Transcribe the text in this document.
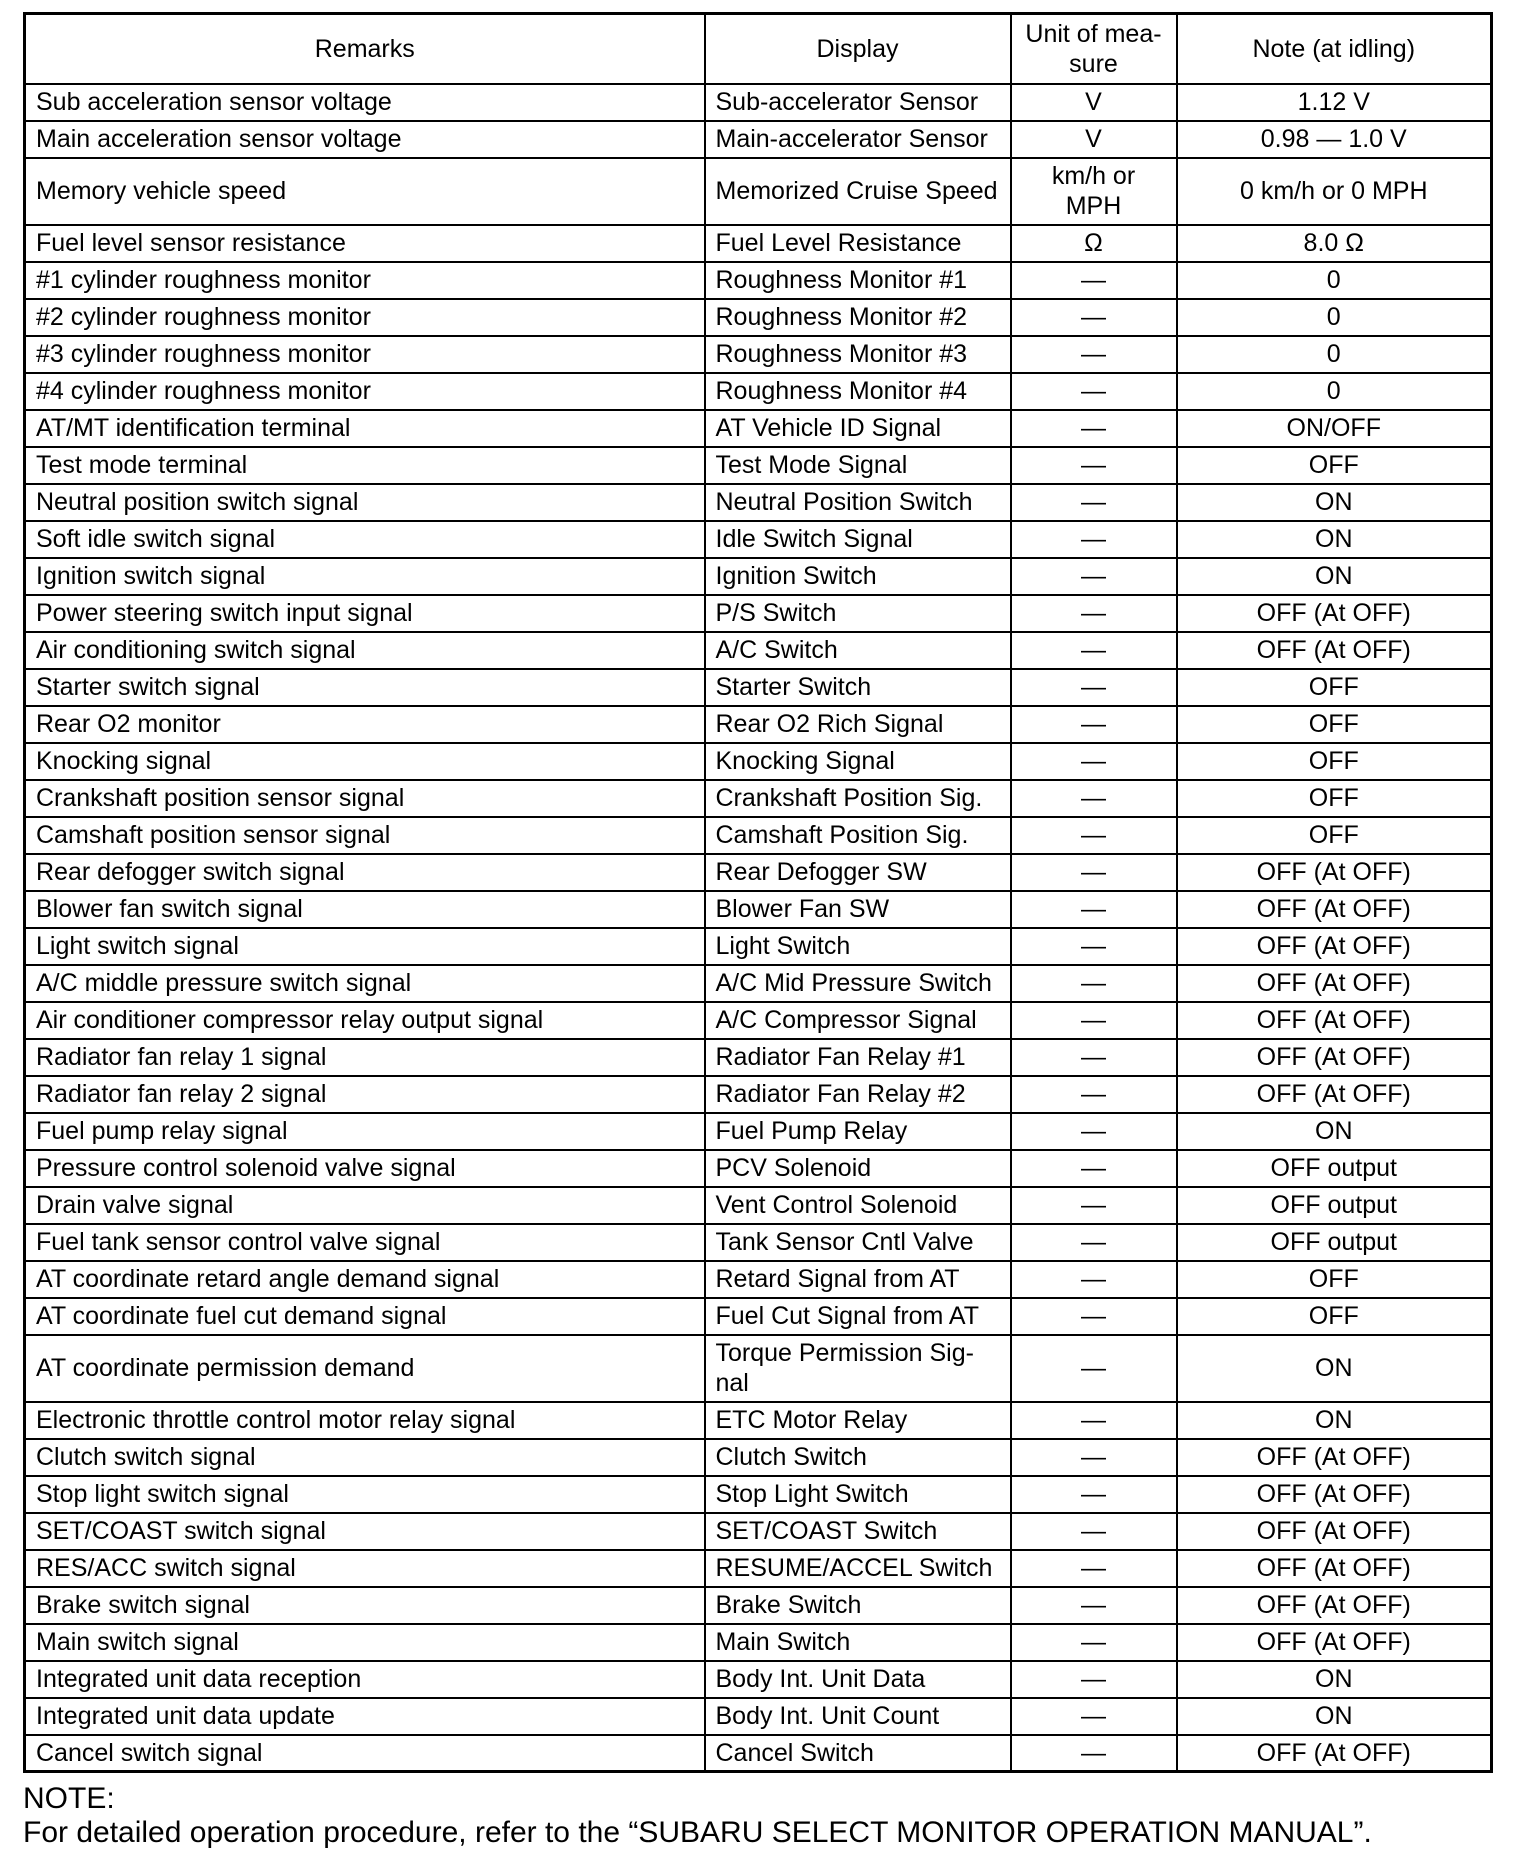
Remarks	Display	Unit of mea-sure	Note (at idling)
Sub acceleration sensor voltage	Sub-accelerator Sensor	V	1.12 V
Main acceleration sensor voltage	Main-accelerator Sensor	V	0.98 — 1.0 V
Memory vehicle speed	Memorized Cruise Speed	km/h or MPH	0 km/h or 0 MPH
Fuel level sensor resistance	Fuel Level Resistance	Ω	8.0 Ω
#1 cylinder roughness monitor	Roughness Monitor #1	—	0
#2 cylinder roughness monitor	Roughness Monitor #2	—	0
#3 cylinder roughness monitor	Roughness Monitor #3	—	0
#4 cylinder roughness monitor	Roughness Monitor #4	—	0
AT/MT identification terminal	AT Vehicle ID Signal	—	ON/OFF
Test mode terminal	Test Mode Signal	—	OFF
Neutral position switch signal	Neutral Position Switch	—	ON
Soft idle switch signal	Idle Switch Signal	—	ON
Ignition switch signal	Ignition Switch	—	ON
Power steering switch input signal	P/S Switch	—	OFF (At OFF)
Air conditioning switch signal	A/C Switch	—	OFF (At OFF)
Starter switch signal	Starter Switch	—	OFF
Rear O2 monitor	Rear O2 Rich Signal	—	OFF
Knocking signal	Knocking Signal	—	OFF
Crankshaft position sensor signal	Crankshaft Position Sig.	—	OFF
Camshaft position sensor signal	Camshaft Position Sig.	—	OFF
Rear defogger switch signal	Rear Defogger SW	—	OFF (At OFF)
Blower fan switch signal	Blower Fan SW	—	OFF (At OFF)
Light switch signal	Light Switch	—	OFF (At OFF)
A/C middle pressure switch signal	A/C Mid Pressure Switch	—	OFF (At OFF)
Air conditioner compressor relay output signal	A/C Compressor Signal	—	OFF (At OFF)
Radiator fan relay 1 signal	Radiator Fan Relay #1	—	OFF (At OFF)
Radiator fan relay 2 signal	Radiator Fan Relay #2	—	OFF (At OFF)
Fuel pump relay signal	Fuel Pump Relay	—	ON
Pressure control solenoid valve signal	PCV Solenoid	—	OFF output
Drain valve signal	Vent Control Solenoid	—	OFF output
Fuel tank sensor control valve signal	Tank Sensor Cntl Valve	—	OFF output
AT coordinate retard angle demand signal	Retard Signal from AT	—	OFF
AT coordinate fuel cut demand signal	Fuel Cut Signal from AT	—	OFF
AT coordinate permission demand	Torque Permission Sig-nal	—	ON
Electronic throttle control motor relay signal	ETC Motor Relay	—	ON
Clutch switch signal	Clutch Switch	—	OFF (At OFF)
Stop light switch signal	Stop Light Switch	—	OFF (At OFF)
SET/COAST switch signal	SET/COAST Switch	—	OFF (At OFF)
RES/ACC switch signal	RESUME/ACCEL Switch	—	OFF (At OFF)
Brake switch signal	Brake Switch	—	OFF (At OFF)
Main switch signal	Main Switch	—	OFF (At OFF)
Integrated unit data reception	Body Int. Unit Data	—	ON
Integrated unit data update	Body Int. Unit Count	—	ON
Cancel switch signal	Cancel Switch	—	OFF (At OFF)
NOTE:
For detailed operation procedure, refer to the “SUBARU SELECT MONITOR OPERATION MANUAL”.
